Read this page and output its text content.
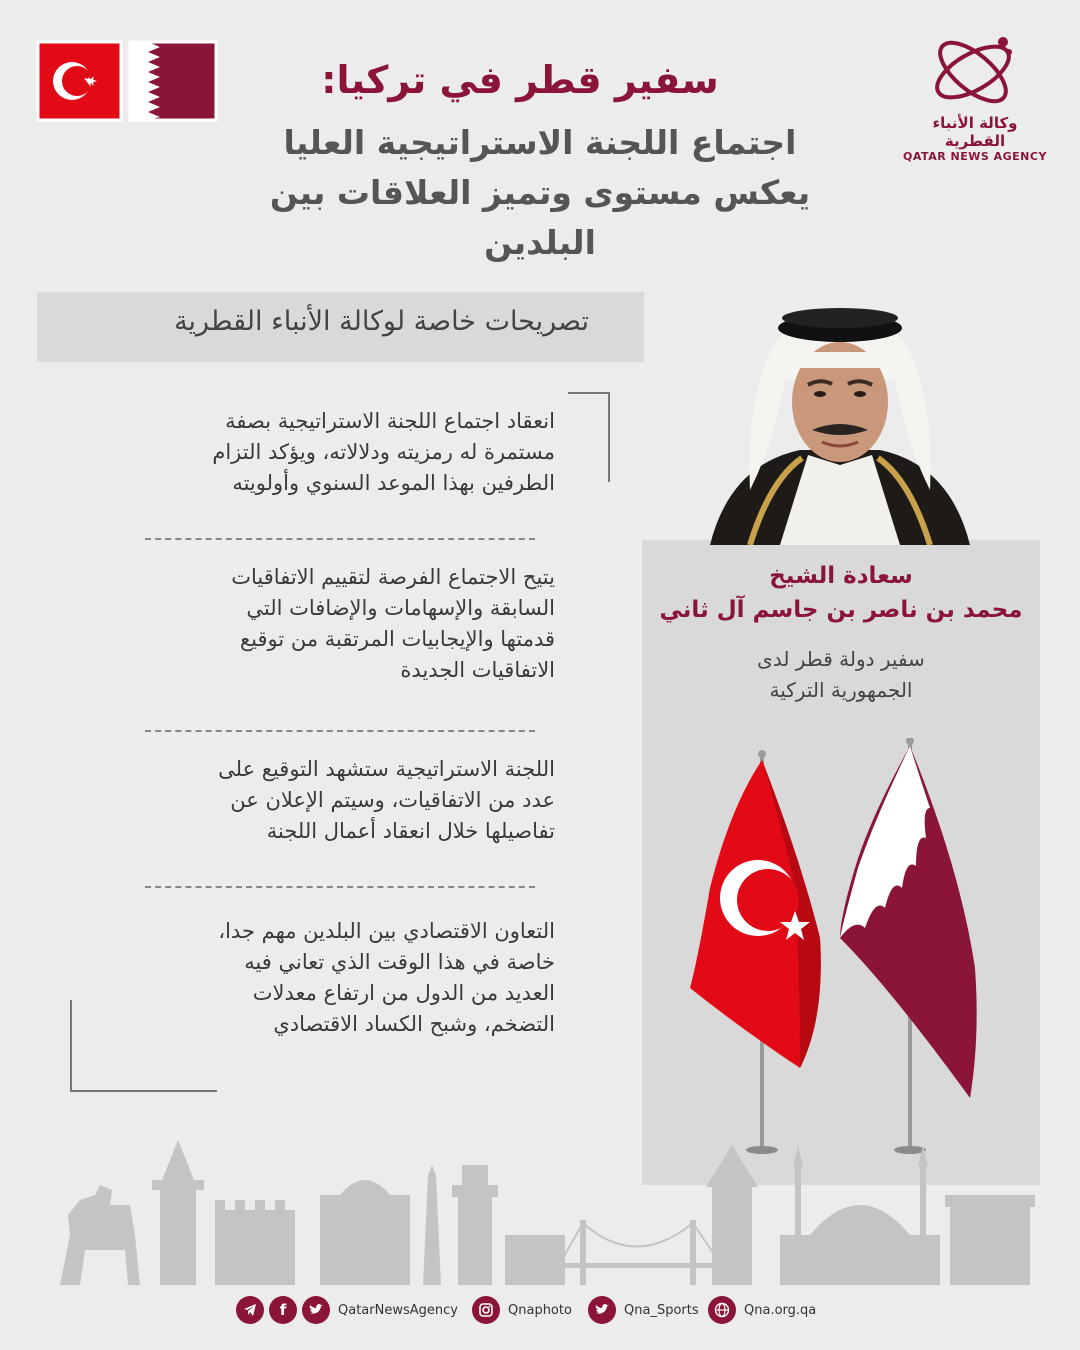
وكالة الأنباء القطرية
QATAR NEWS AGENCY
سفير قطر في تركيا:
اجتماع اللجنة الاستراتيجية العليا
يعكس مستوى وتميز العلاقات بين
البلدين
تصريحات خاصة لوكالة الأنباء القطرية
انعقاد اجتماع اللجنة الاستراتيجية بصفة
مستمرة له رمزيته ودلالاته، ويؤكد التزام
الطرفين بهذا الموعد السنوي وأولويته
يتيح الاجتماع الفرصة لتقييم الاتفاقيات
السابقة والإسهامات والإضافات التي
قدمتها والإيجابيات المرتقبة من توقيع
الاتفاقيات الجديدة
اللجنة الاستراتيجية ستشهد التوقيع على
عدد من الاتفاقيات، وسيتم الإعلان عن
تفاصيلها خلال انعقاد أعمال اللجنة
التعاون الاقتصادي بين البلدين مهم جدا،
خاصة في هذا الوقت الذي تعاني فيه
العديد من الدول من ارتفاع معدلات
التضخم، وشبح الكساد الاقتصادي
سعادة الشيخ
محمد بن ناصر بن جاسم آل ثاني
سفير دولة قطر لدى
الجمهورية التركية
f	QatarNewsAgency	Qnaphoto	Qna_Sports	Qna.org.qa
